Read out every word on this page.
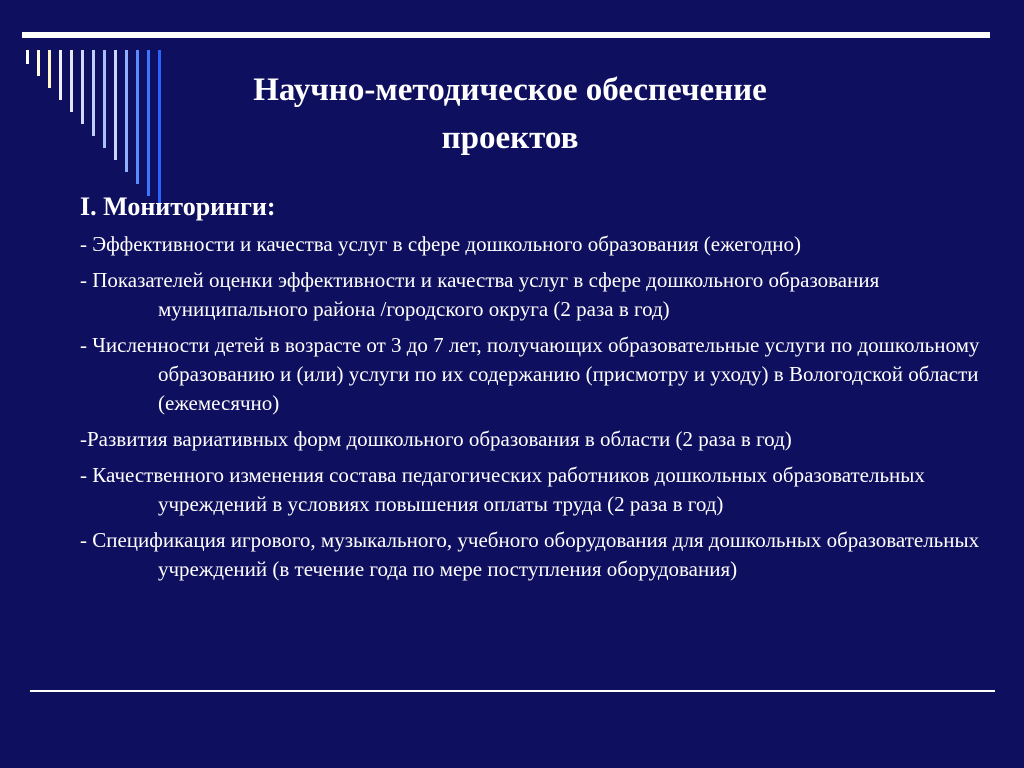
Научно-методическое обеспечение проектов
I. Мониторинги:
- Эффективности и качества услуг в сфере дошкольного образования (ежегодно)
- Показателей оценки эффективности и качества услуг в сфере дошкольного образования муниципального района /городского округа (2 раза в год)
- Численности детей в возрасте от 3 до 7 лет, получающих образовательные услуги по дошкольному образованию и (или) услуги по их содержанию (присмотру и уходу) в Вологодской области (ежемесячно)
-Развития вариативных форм дошкольного образования в области (2 раза в год)
- Качественного изменения состава педагогических работников дошкольных образовательных учреждений в условиях повышения оплаты труда (2 раза в год)
- Спецификация игрового, музыкального, учебного оборудования для дошкольных образовательных учреждений (в течение года по мере поступления оборудования)
